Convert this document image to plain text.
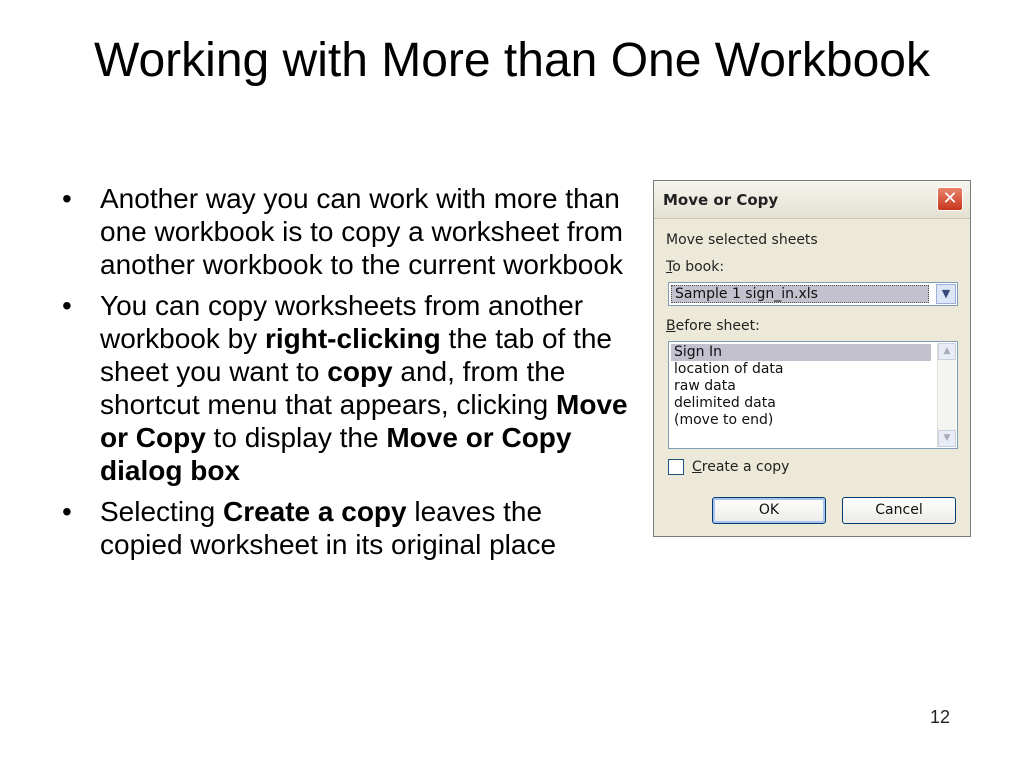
Working with More than One Workbook
• Another way you can work with more than one workbook is to copy a worksheet from another workbook to the current workbook
• You can copy worksheets from another workbook by right-clicking the tab of the sheet you want to copy and, from the shortcut menu that appears, clicking Move or Copy to display the Move or Copy dialog box
• Selecting Create a copy leaves the copied worksheet in its original place
Move or Copy	✕
Move selected sheets
To book:
Sample 1 sign_in.xls	▼
Before sheet:
Sign In
location of data
raw data
delimited data
(move to end)
▲
▼
Create a copy
OK	Cancel
12
